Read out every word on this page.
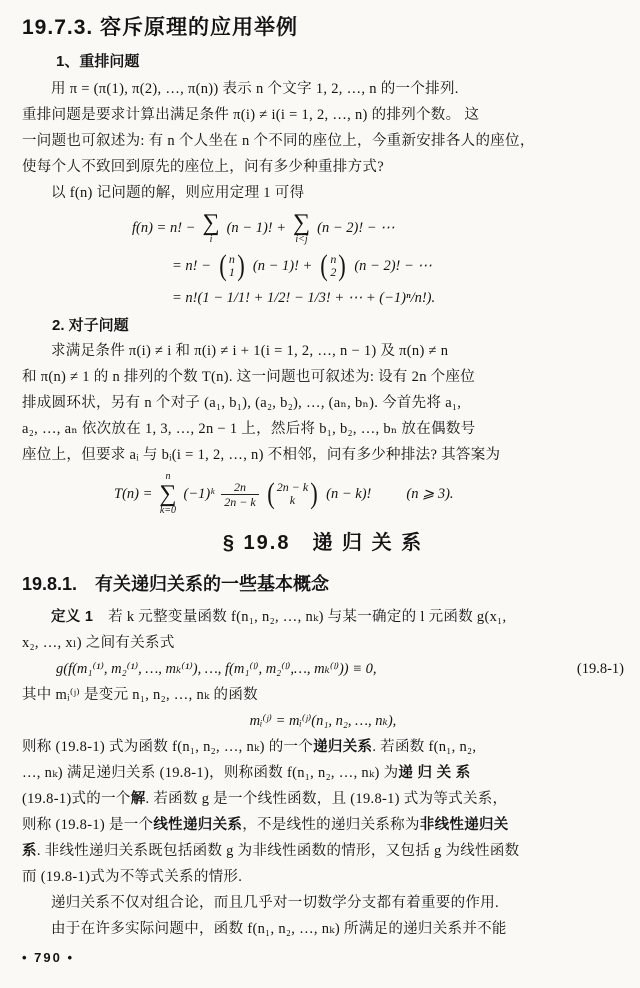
19.7.3. 容斥原理的应用举例
1、重排问题
用 π = (π(1), π(2), …, π(n)) 表示 n 个文字 1, 2, …, n 的一个排列.
重排问题是要求计算出满足条件 π(i) ≠ i(i = 1, 2, …, n) 的排列个数。 这
一问题也可叙述为: 有 n 个人坐在 n 个不同的座位上，今重新安排各人的座位，
使每个人不致回到原先的座位上，问有多少种重排方式?
以 f(n) 记问题的解，则应用定理 1 可得
f(n) = n! − ∑
i
(n − 1)! + ∑
i<j
(n − 2)! − ⋯
= n! − ( n
1 ) (n − 1)! + ( n
2 ) (n − 2)! − ⋯
= n!(1 − 1/1! + 1/2! − 1/3! + ⋯ + (−1)ⁿ/n!).
2. 对子问题
求满足条件 π(i) ≠ i 和 π(i) ≠ i + 1(i = 1, 2, …, n − 1) 及 π(n) ≠ n
和 π(n) ≠ 1 的 n 排列的个数 T(n). 这一问题也可叙述为: 设有 2n 个座位
排成圆环状，另有 n 个对子 (a₁, b₁), (a₂, b₂), …, (aₙ, bₙ). 今首先将 a₁,
a₂, …, aₙ 依次放在 1, 3, …, 2n − 1 上，然后将 b₁, b₂, …, bₙ 放在偶数号
座位上，但要求 aᵢ 与 bᵢ(i = 1, 2, …, n) 不相邻，问有多少种排法? 其答案为
T(n) =
n
∑
k=0
(−1)ᵏ $\frac{2n}{2n - k}$ ( 2n − k
k ) (n − k)! (n ⩾ 3).
§ 19.8　递 归 关 系
19.8.1.　有关递归关系的一些基本概念
定义 1　若 k 元整变量函数 f(n₁, n₂, …, nₖ) 与某一确定的 l 元函数 g(x₁,
x₂, …, xₗ) 之间有关系式
g(f(m₁⁽¹⁾, m₂⁽¹⁾, …, mₖ⁽¹⁾), …, f(m₁⁽ˡ⁾, m₂⁽ˡ⁾,…, mₖ⁽ˡ⁾)) ≡ 0,	(19.8-1)
其中 mᵢ⁽ʲ⁾ 是变元 n₁, n₂, …, nₖ 的函数
mᵢ⁽ʲ⁾ = mᵢ⁽ʲ⁾(n₁, n₂, …, nₖ),
则称 (19.8-1) 式为函数 f(n₁, n₂, …, nₖ) 的一个递归关系. 若函数 f(n₁, n₂,
…, nₖ) 满足递归关系 (19.8-1)，则称函数 f(n₁, n₂, …, nₖ) 为递 归 关 系
(19.8-1)式的一个解. 若函数 g 是一个线性函数，且 (19.8-1) 式为等式关系，
则称 (19.8-1) 是一个线性递归关系，不是线性的递归关系称为非线性递归关
系. 非线性递归关系既包括函数 g 为非线性函数的情形，又包括 g 为线性函数
而 (19.8-1)式为不等式关系的情形.
递归关系不仅对组合论，而且几乎对一切数学分支都有着重要的作用.
由于在许多实际问题中，函数 f(n₁, n₂, …, nₖ) 所满足的递归关系并不能
• 790 •
